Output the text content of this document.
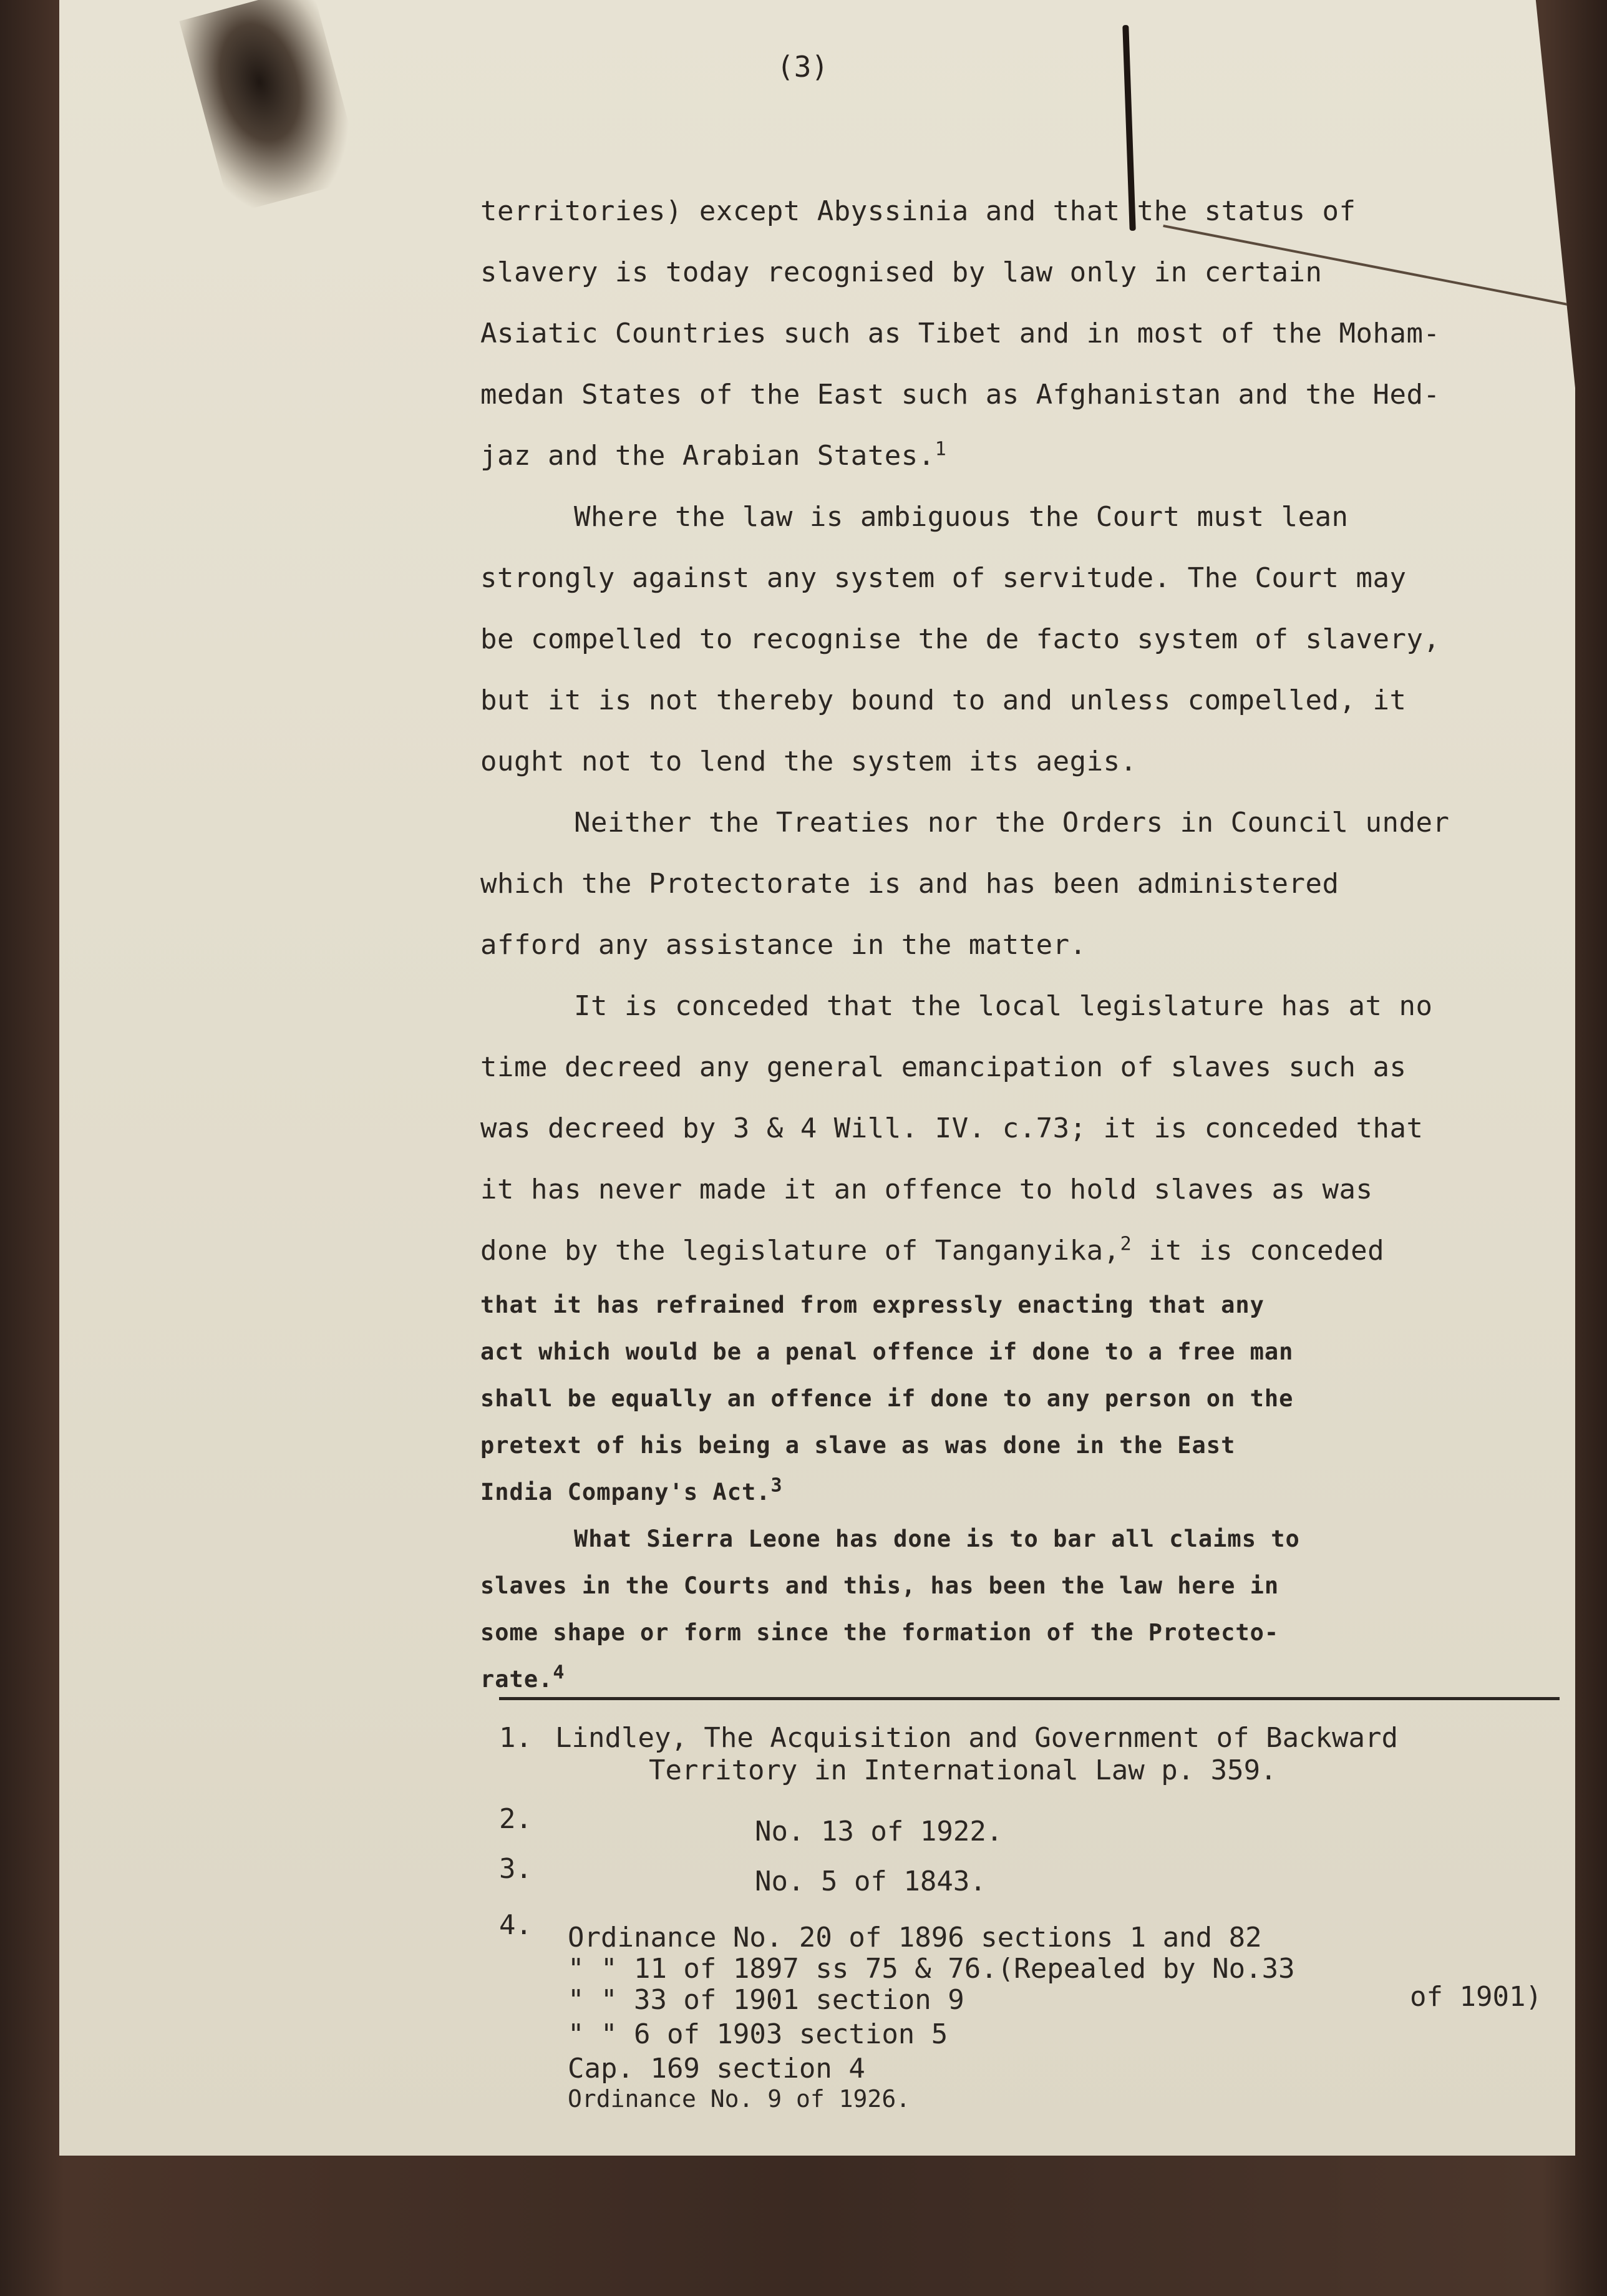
(3)
territories) except Abyssinia and that the status of
slavery is today recognised by law only in certain
Asiatic Countries such as Tibet and in most of the Moham-
medan States of the East such as Afghanistan and the Hed-
jaz and the Arabian States.$^1$
Where the law is ambiguous the Court must lean
strongly against any system of servitude. The Court may
be compelled to recognise the de facto system of slavery,
but it is not thereby bound to and unless compelled, it
ought not to lend the system its aegis.
Neither the Treaties nor the Orders in Council under
which the Protectorate is and has been administered
afford any assistance in the matter.
It is conceded that the local legislature has at no
time decreed any general emancipation of slaves such as
was decreed by 3 & 4 Will. IV. c.73; it is conceded that
it has never made it an offence to hold slaves as was
done by the legislature of Tanganyika,$^2$ it is conceded
that it has refrained from expressly enacting that any
act which would be a penal offence if done to a free man
shall be equally an offence if done to any person on the
pretext of his being a slave as was done in the East
India Company's Act.$^3$
What Sierra Leone has done is to bar all claims to
slaves in the Courts and this, has been the law here in
some shape or form since the formation of the Protecto-
rate.$^4$
1. Lindley, The Acquisition and Government of Backward
Territory in International Law p. 359.
2.	No. 13 of 1922.
3.	No. 5 of 1843.
4. Ordinance No. 20 of 1896 sections 1 and 82
" " 11 of 1897 ss 75 & 76.(Repealed by No.33
of 1901)
" " 33 of 1901 section 9
" " 6 of 1903 section 5
Cap. 169 section 4
Ordinance No. 9 of 1926.
